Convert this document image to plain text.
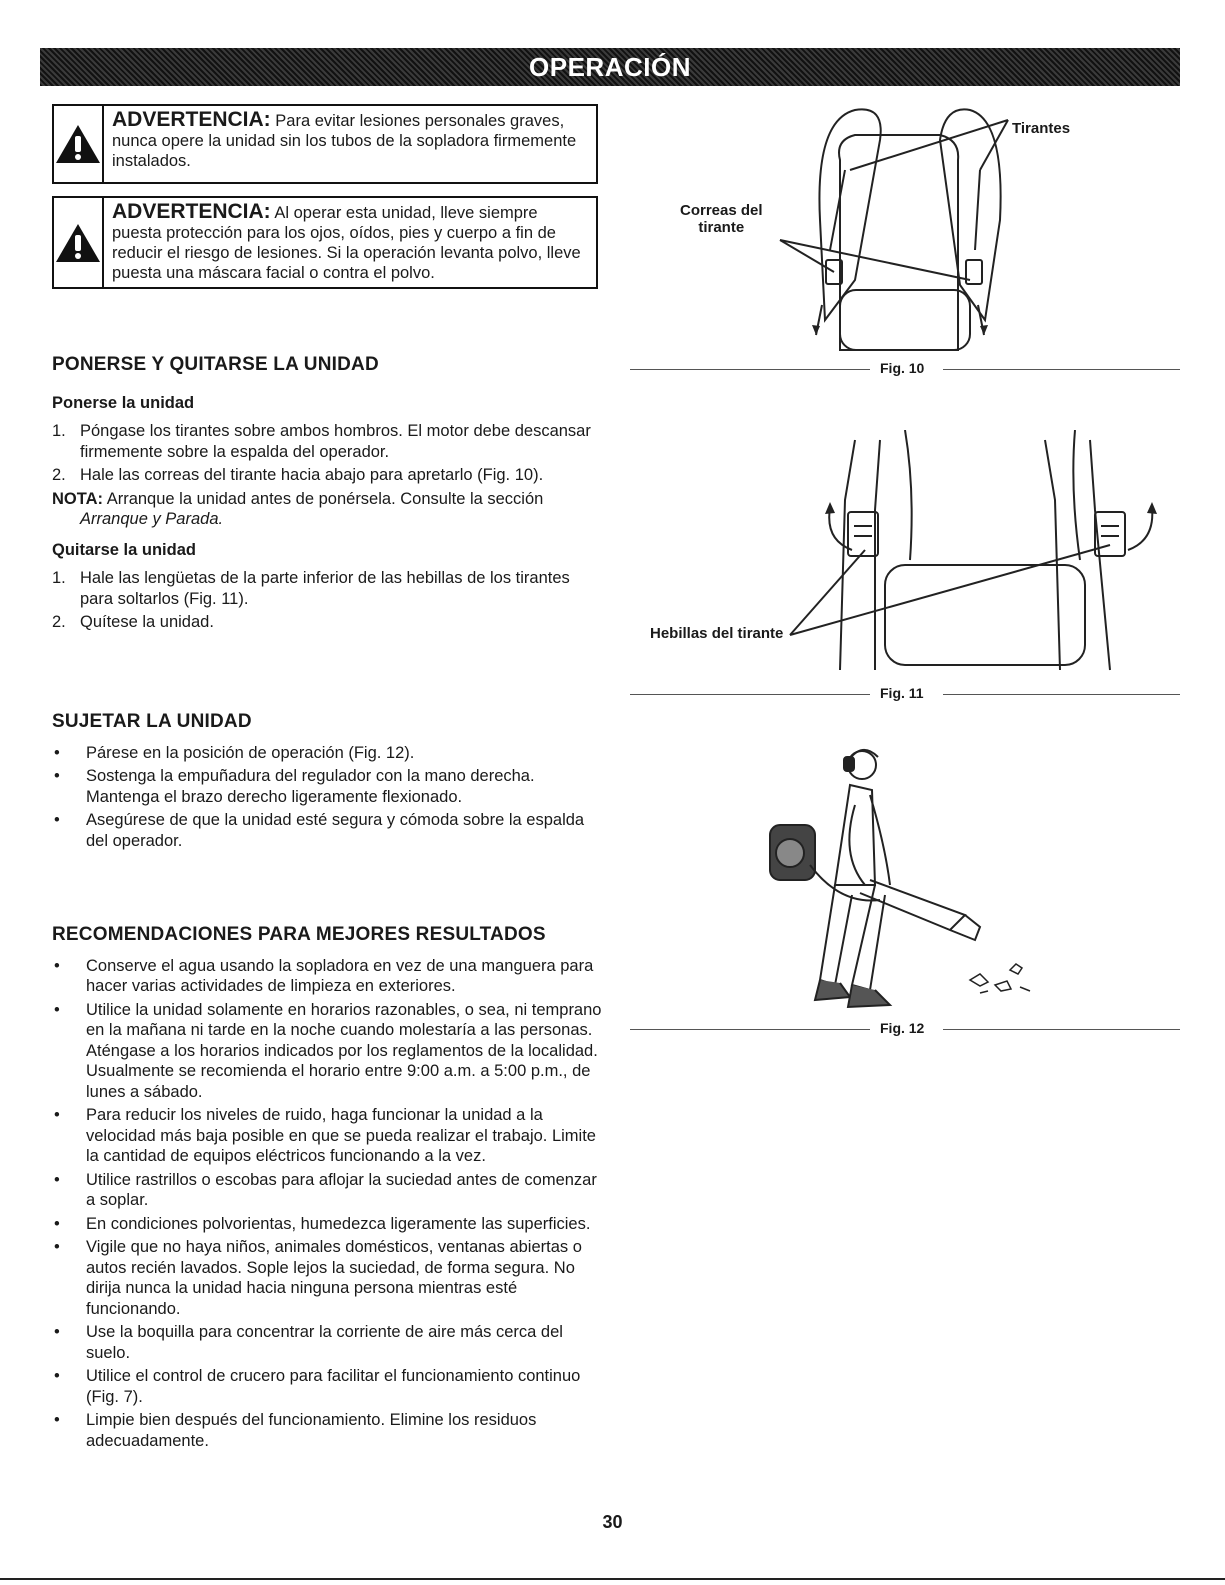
OPERACIÓN
ADVERTENCIA: Para evitar lesiones personales graves, nunca opere la unidad sin los tubos de la sopladora firmemente instalados.
ADVERTENCIA: Al operar esta unidad, lleve siempre puesta protección para los ojos, oídos, pies y cuerpo a fin de reducir el riesgo de lesiones. Si la operación levanta polvo, lleve puesta una máscara facial o contra el polvo.
PONERSE Y QUITARSE LA UNIDAD
Ponerse la unidad
1. Póngase los tirantes sobre ambos hombros. El motor debe descansar firmemente sobre la espalda del operador.
2. Hale las correas del tirante hacia abajo para apretarlo (Fig. 10).
NOTA: Arranque la unidad antes de ponérsela. Consulte la sección
Arranque y Parada.
Quitarse la unidad
1. Hale las lengüetas de la parte inferior de las hebillas de los tirantes para soltarlos (Fig. 11).
2. Quítese la unidad.
SUJETAR LA UNIDAD
•	Párese en la posición de operación (Fig. 12).
•	Sostenga la empuñadura del regulador con la mano derecha. Mantenga el brazo derecho ligeramente flexionado.
•	Asegúrese de que la unidad esté segura y cómoda sobre la espalda del operador.
RECOMENDACIONES PARA MEJORES RESULTADOS
•	Conserve el agua usando la sopladora en vez de una manguera para hacer varias actividades de limpieza en exteriores.
•	Utilice la unidad solamente en horarios razonables, o sea, ni temprano en la mañana ni tarde en la noche cuando molestaría a las personas. Aténgase a los horarios indicados por los reglamentos de la localidad. Usualmente se recomienda el horario entre 9:00 a.m. a 5:00 p.m., de lunes a sábado.
•	Para reducir los niveles de ruido, haga funcionar la unidad a la velocidad más baja posible en que se pueda realizar el trabajo. Limite la cantidad de equipos eléctricos funcionando a la vez.
•	Utilice rastrillos o escobas para aflojar la suciedad antes de comenzar a soplar.
•	En condiciones polvorientas, humedezca ligeramente las superficies.
•	Vigile que no haya niños, animales domésticos, ventanas abiertas o autos recién lavados. Sople lejos la suciedad, de forma segura. No dirija nunca la unidad hacia ninguna persona mientras esté funcionando.
•	Use la boquilla para concentrar la corriente de aire más cerca del suelo.
•	Utilice el control de crucero para facilitar el funcionamiento continuo (Fig. 7).
•	Limpie bien después del funcionamiento. Elimine los residuos adecuadamente.
Tirantes
Correas del
tirante
Fig. 10
Hebillas del tirante
Fig. 11
Fig. 12
30
